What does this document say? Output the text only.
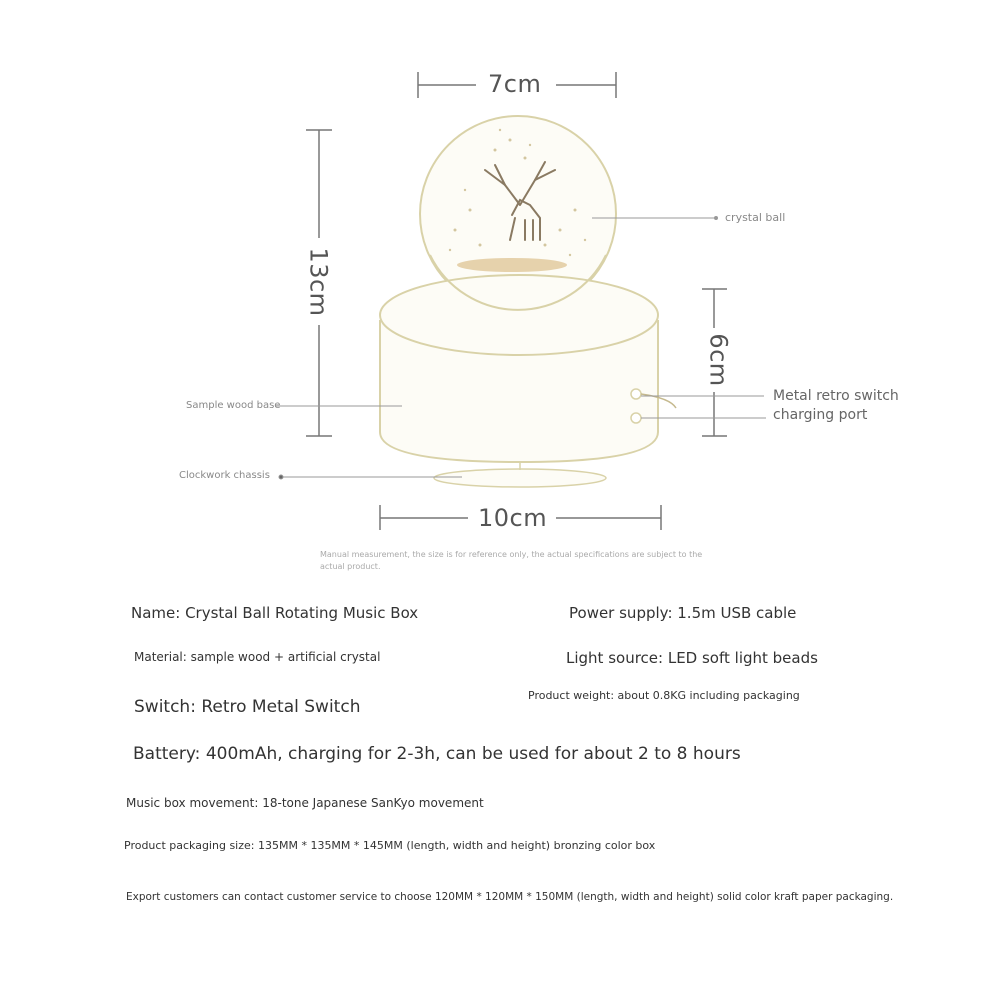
7cm
13cm
6cm
10cm
crystal ball
Sample wood base
Clockwork chassis
Metal retro switch
charging port
Manual measurement, the size is for reference only, the actual specifications are subject to the actual product.
Name: Crystal Ball Rotating Music Box	Power supply: 1.5m USB cable
Material: sample wood + artificial crystal	Light source: LED soft light beads
Product weight: about 0.8KG including packaging
Switch: Retro Metal Switch
Battery: 400mAh, charging for 2-3h, can be used for about 2 to 8 hours
Music box movement: 18-tone Japanese SanKyo movement
Product packaging size: 135MM * 135MM * 145MM (length, width and height) bronzing color box
Export customers can contact customer service to choose 120MM * 120MM * 150MM (length, width and height) solid color kraft paper packaging.
